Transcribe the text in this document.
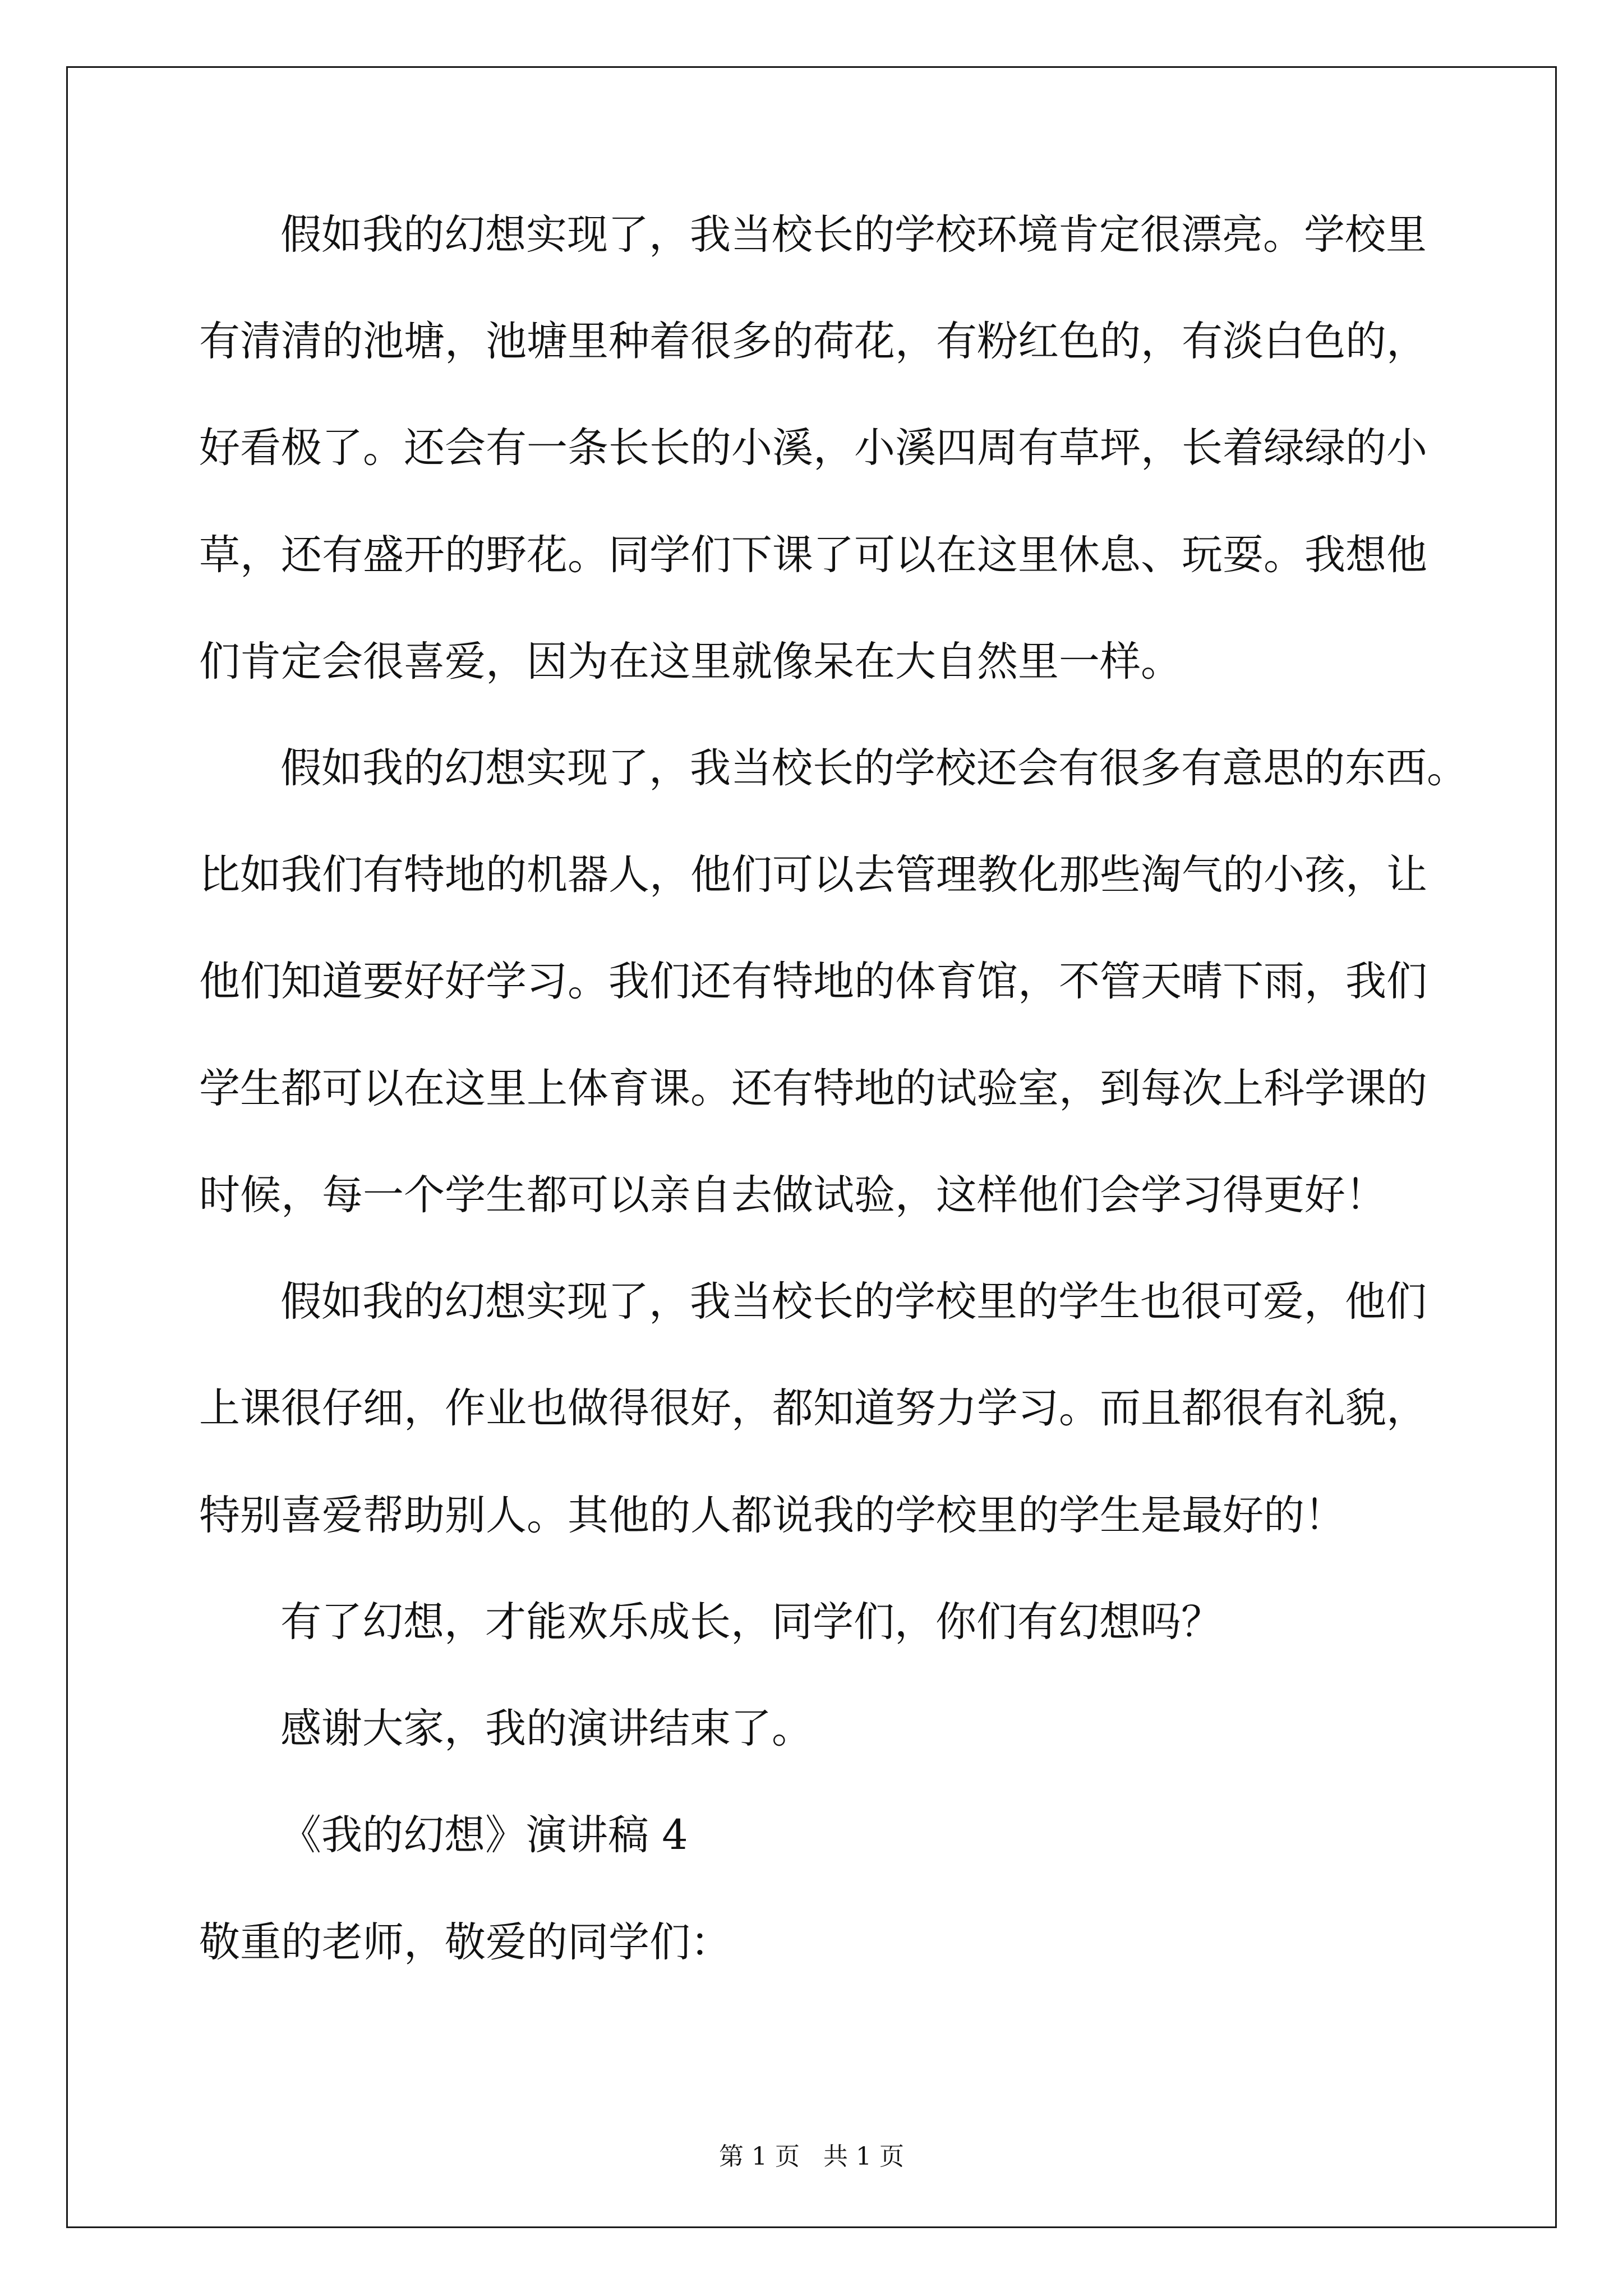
假如我的幻想实现了，我当校长的学校环境肯定很漂亮。学校里
有清清的池塘，池塘里种着很多的荷花，有粉红色的，有淡白色的，
好看极了。还会有一条长长的小溪，小溪四周有草坪，长着绿绿的小
草，还有盛开的野花。同学们下课了可以在这里休息、玩耍。我想他
们肯定会很喜爱，因为在这里就像呆在大自然里一样。
假如我的幻想实现了，我当校长的学校还会有很多有意思的东西。
比如我们有特地的机器人，他们可以去管理教化那些淘气的小孩，让
他们知道要好好学习。我们还有特地的体育馆，不管天晴下雨，我们
学生都可以在这里上体育课。还有特地的试验室，到每次上科学课的
时候，每一个学生都可以亲自去做试验，这样他们会学习得更好！
假如我的幻想实现了，我当校长的学校里的学生也很可爱，他们
上课很仔细，作业也做得很好，都知道努力学习。而且都很有礼貌，
特别喜爱帮助别人。其他的人都说我的学校里的学生是最好的！
有了幻想，才能欢乐成长，同学们，你们有幻想吗？
感谢大家，我的演讲结束了。
《我的幻想》演讲稿 4
敬重的老师，敬爱的同学们：
第 1 页   共 1 页
